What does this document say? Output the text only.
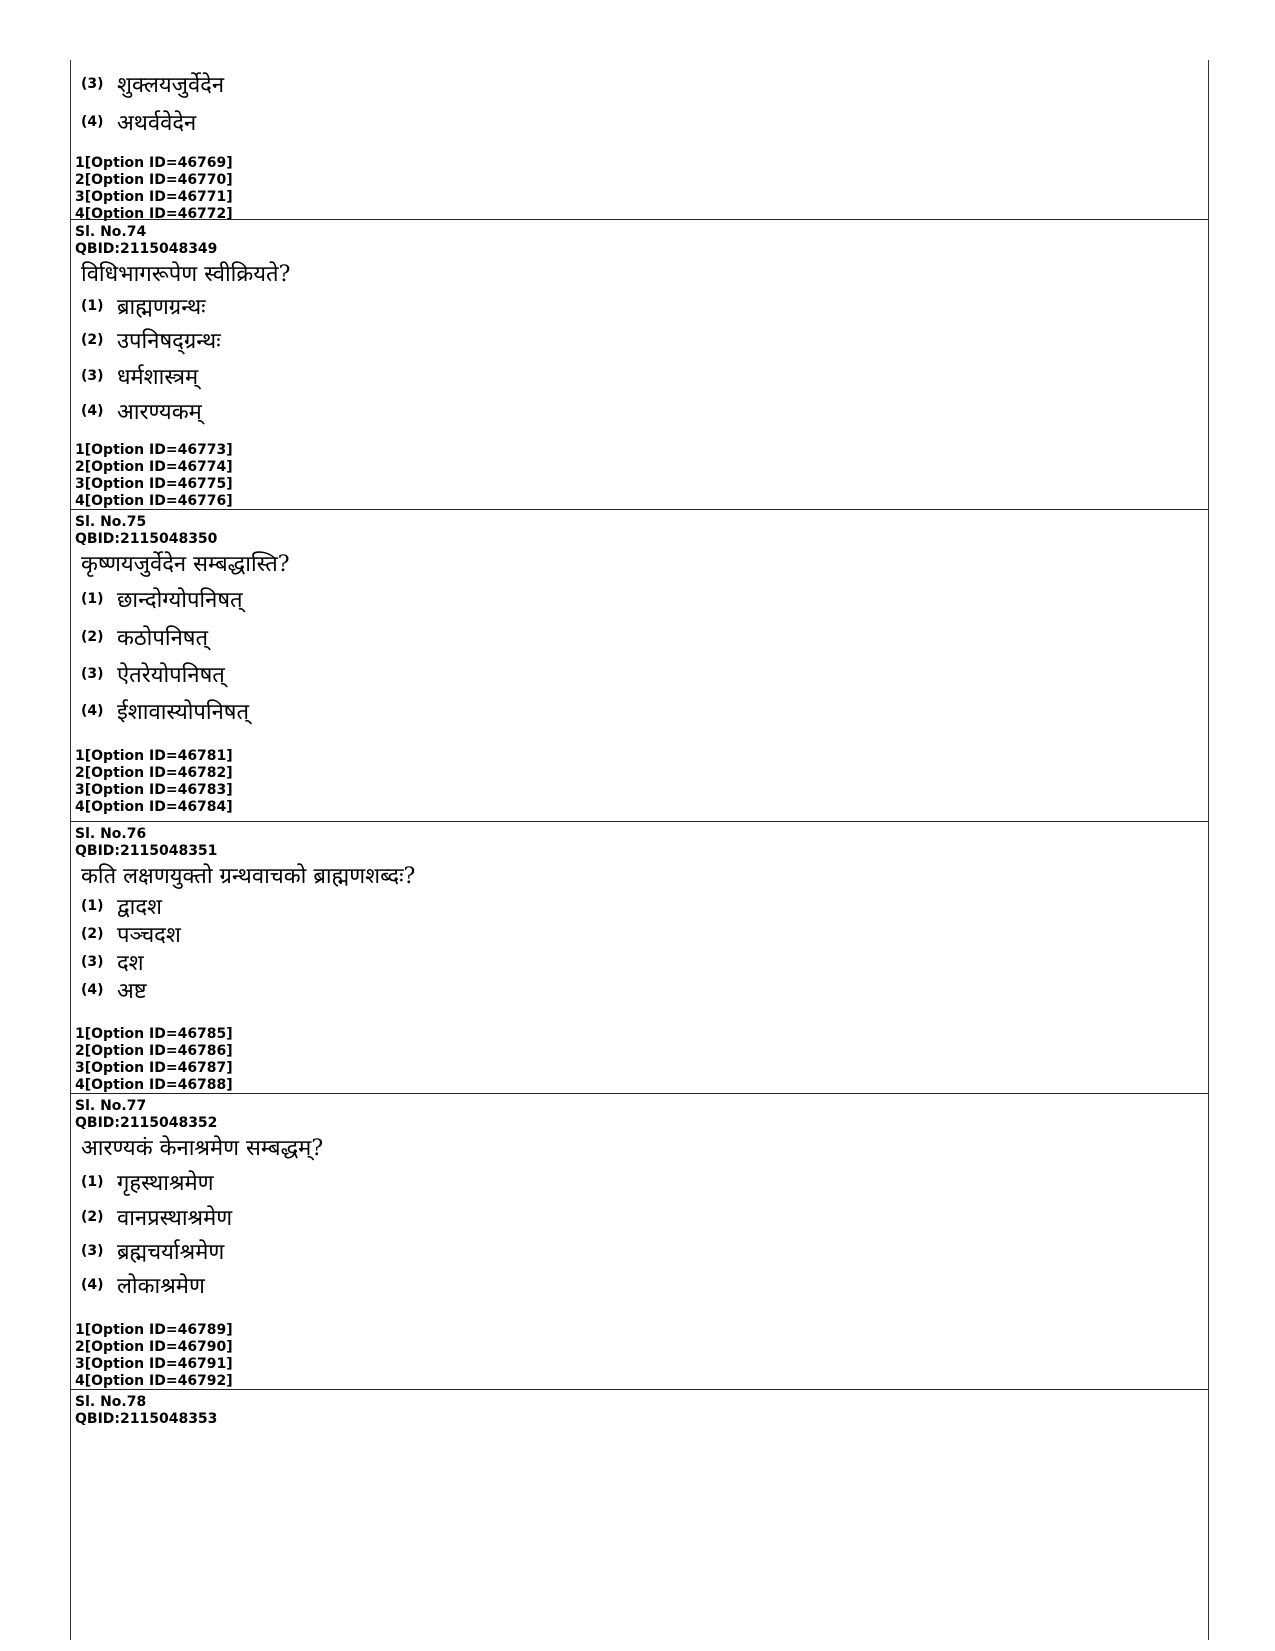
(3) शुक्लयजुर्वेदेन
(4) अथर्ववेदेन
1[Option ID=46769]
2[Option ID=46770]
3[Option ID=46771]
4[Option ID=46772]
Sl. No.74
QBID:2115048349
विधिभागरूपेण स्वीक्रियते?
(1) ब्राह्मणग्रन्थः
(2) उपनिषद्ग्रन्थः
(3) धर्मशास्त्रम्
(4) आरण्यकम्
1[Option ID=46773]
2[Option ID=46774]
3[Option ID=46775]
4[Option ID=46776]
Sl. No.75
QBID:2115048350
कृष्णयजुर्वेदेन सम्बद्धास्ति?
(1) छान्दोग्योपनिषत्
(2) कठोपनिषत्
(3) ऐतरेयोपनिषत्
(4) ईशावास्योपनिषत्
1[Option ID=46781]
2[Option ID=46782]
3[Option ID=46783]
4[Option ID=46784]
Sl. No.76
QBID:2115048351
कति लक्षणयुक्तो ग्रन्थवाचको ब्राह्मणशब्दः?
(1) द्वादश
(2) पञ्चदश
(3) दश
(4) अष्ट
1[Option ID=46785]
2[Option ID=46786]
3[Option ID=46787]
4[Option ID=46788]
Sl. No.77
QBID:2115048352
आरण्यकं केनाश्रमेण सम्बद्धम्?
(1) गृहस्थाश्रमेण
(2) वानप्रस्थाश्रमेण
(3) ब्रह्मचर्याश्रमेण
(4) लोकाश्रमेण
1[Option ID=46789]
2[Option ID=46790]
3[Option ID=46791]
4[Option ID=46792]
Sl. No.78
QBID:2115048353
